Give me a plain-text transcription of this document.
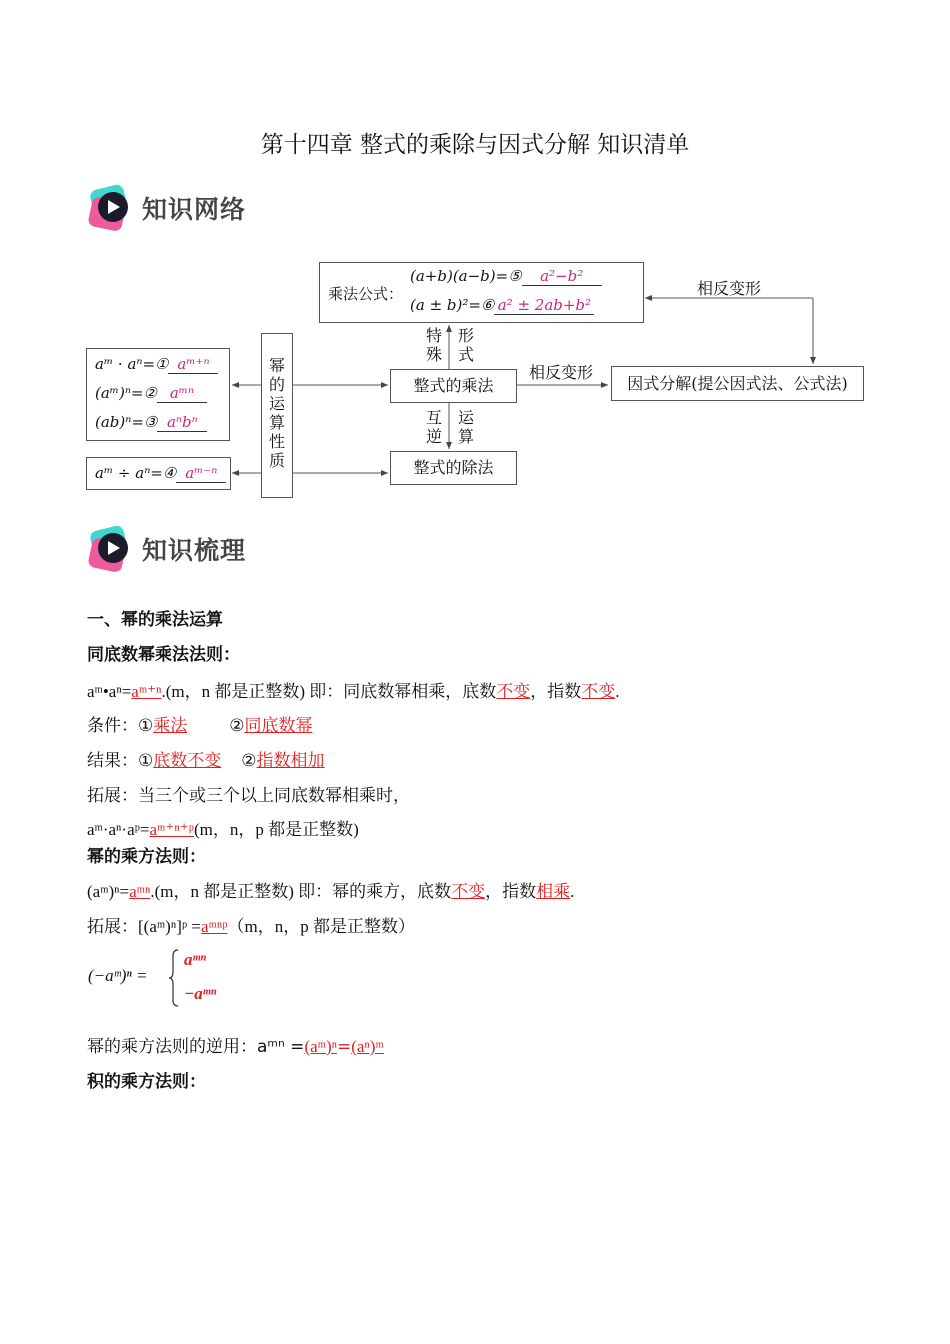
第十四章 整式的乘除与因式分解 知识清单
知识网络
乘法公式：
(a+b)(a−b)=⑤ a²−b²
(a ± b)²=⑥ a² ± 2ab+b²
相反变形
相反变形
特殊
形式
互逆
运算
幂的运算性质
整式的乘法
整式的除法
因式分解(提公因式法、公式法)
aᵐ · aⁿ=① aᵐ⁺ⁿ
(aᵐ)ⁿ=② aᵐⁿ
(ab)ⁿ=③ aⁿbⁿ
aᵐ ÷ aⁿ=④ aᵐ⁻ⁿ
知识梳理
一、幂的乘法运算
同底数幂乘法法则：
aᵐ•aⁿ=aᵐ⁺ⁿ.(m，n 都是正整数) 即：同底数幂相乘，底数不变，指数不变.
条件：①乘法 ②同底数幂
结果：①底数不变 ②指数相加
拓展：当三个或三个以上同底数幂相乘时，
aᵐ·aⁿ·aᵖ=aᵐ⁺ⁿ⁺ᵖ(m，n，p 都是正整数)
幂的乘方法则：
(aᵐ)ⁿ=aᵐⁿ.(m，n 都是正整数) 即：幂的乘方，底数不变，指数相乘.
拓展：[(aᵐ)ⁿ]ᵖ =aᵐⁿᵖ（m，n，p 都是正整数）
(−aᵐ)ⁿ =
aᵐⁿ
−aᵐⁿ
幂的乘方法则的逆用：aᵐⁿ =(aᵐ)ⁿ=(aⁿ)ᵐ
积的乘方法则：
